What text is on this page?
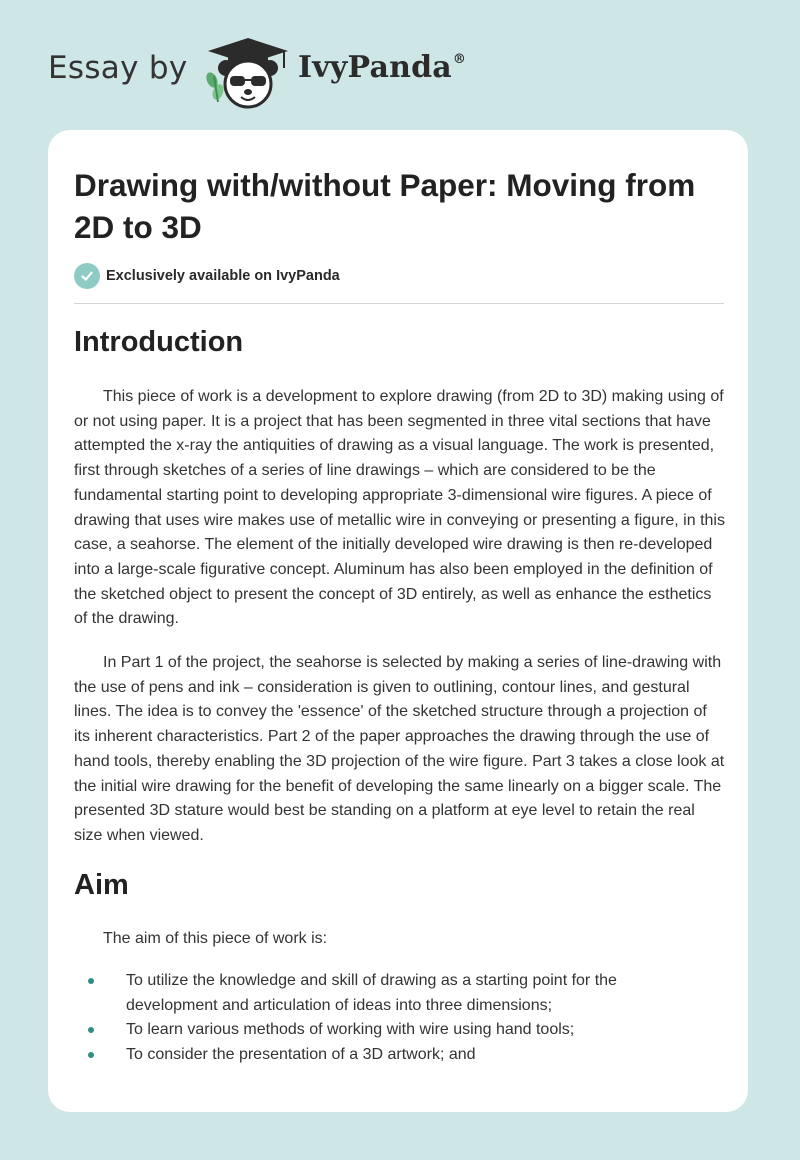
Essay by	IvyPanda®
Drawing with/without Paper: Moving from 2D to 3D
Exclusively available on IvyPanda
Introduction

This piece of work is a development to explore drawing (from 2D to 3D) making using of or not using paper. It is a project that has been segmented in three vital sections that have attempted the x-ray the antiquities of drawing as a visual language. The work is presented, first through sketches of a series of line drawings – which are considered to be the fundamental starting point to developing appropriate 3-dimensional wire figures. A piece of drawing that uses wire makes use of metallic wire in conveying or presenting a figure, in this case, a seahorse. The element of the initially developed wire drawing is then re-developed into a large-scale figurative concept. Aluminum has also been employed in the definition of the sketched object to present the concept of 3D entirely, as well as enhance the esthetics of the drawing.

In Part 1 of the project, the seahorse is selected by making a series of line-drawing with the use of pens and ink – consideration is given to outlining, contour lines, and gestural lines. The idea is to convey the 'essence' of the sketched structure through a projection of its inherent characteristics. Part 2 of the paper approaches the drawing through the use of hand tools, thereby enabling the 3D projection of the wire figure. Part 3 takes a close look at the initial wire drawing for the benefit of developing the same linearly on a bigger scale. The presented 3D stature would best be standing on a platform at eye level to retain the real size when viewed.

Aim

The aim of this piece of work is:

To utilize the knowledge and skill of drawing as a starting point for the development and articulation of ideas into three dimensions;
To learn various methods of working with wire using hand tools;
To consider the presentation of a 3D artwork; and
